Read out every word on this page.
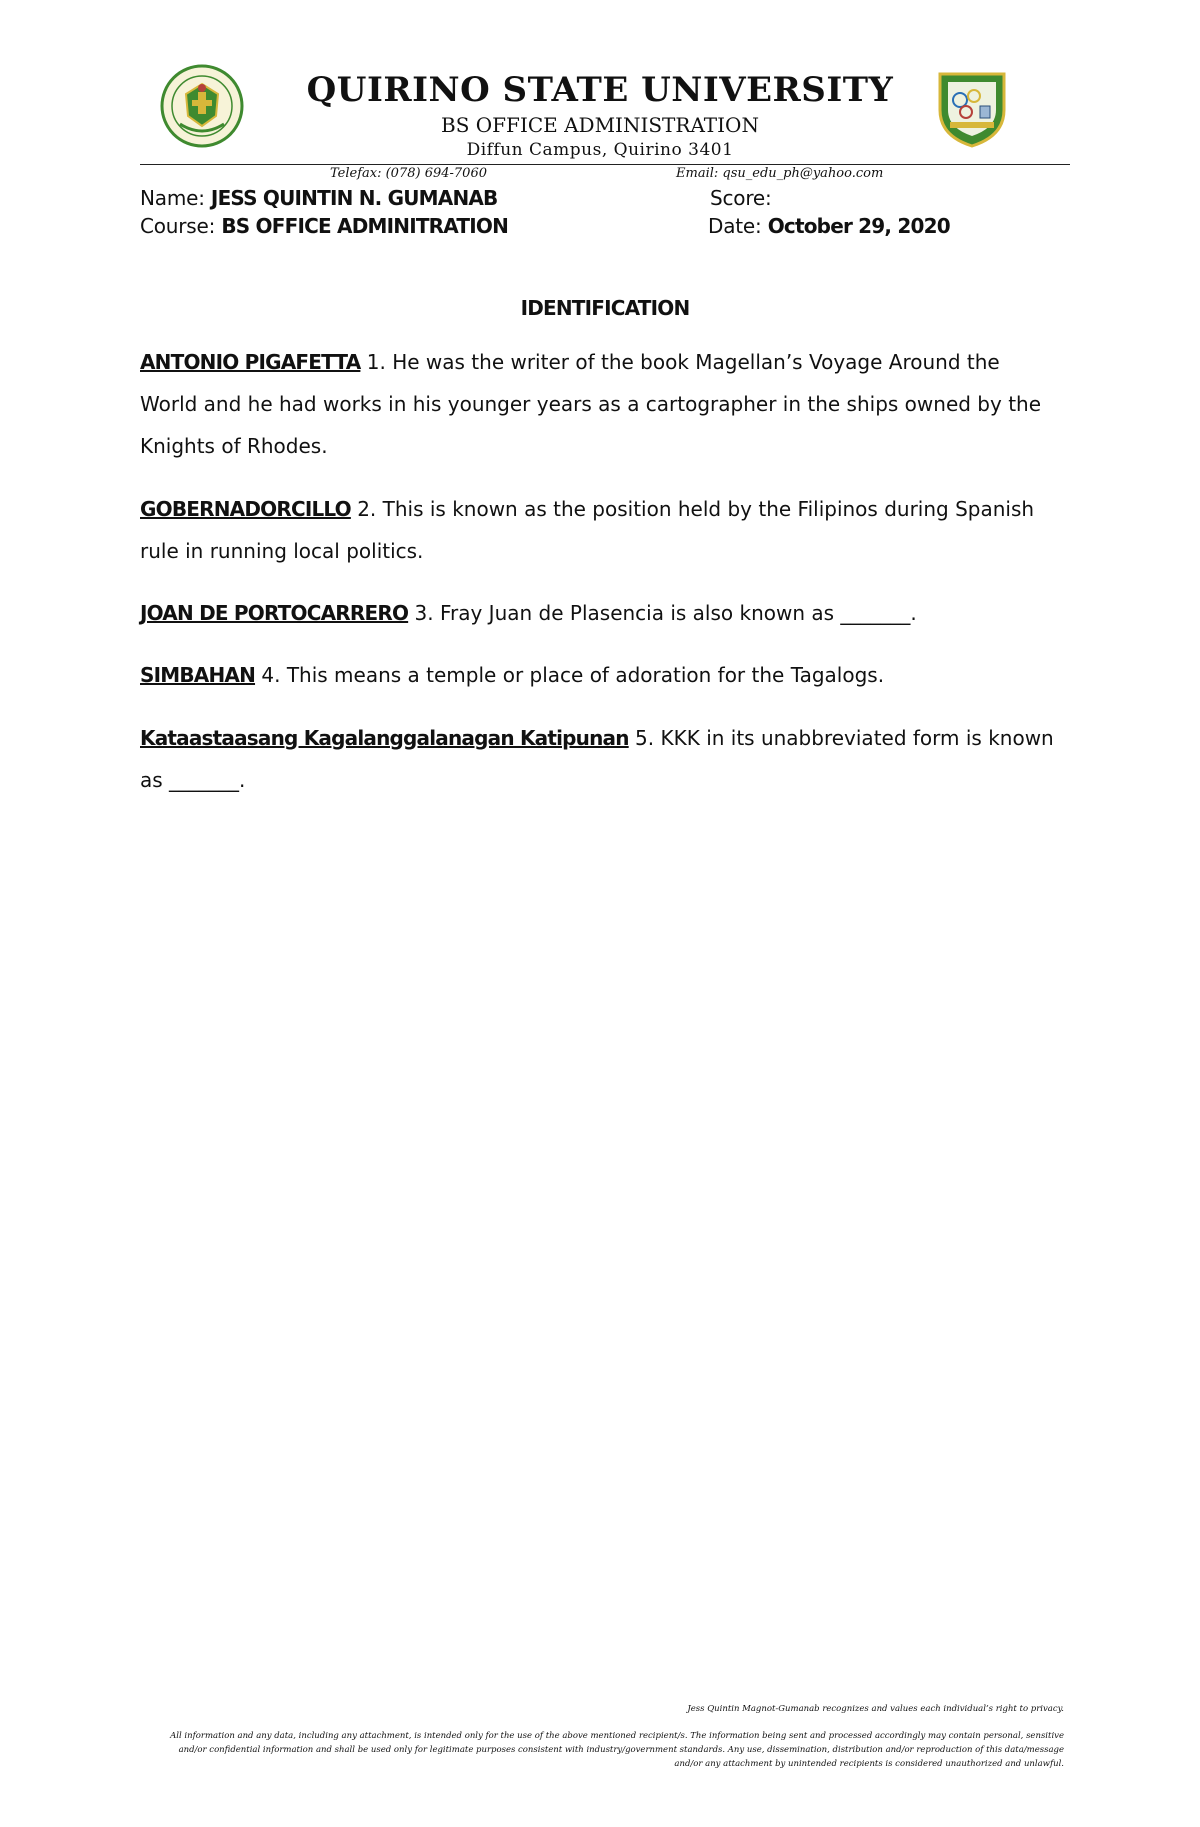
QUIRINO STATE UNIVERSITY
BS OFFICE ADMINISTRATION
Diffun Campus, Quirino 3401
Telefax: (078) 694-7060	Email: qsu_edu_ph@yahoo.com
Name: JESS QUINTIN N. GUMANAB
Course: BS OFFICE ADMINITRATION
Score:
Date: October 29, 2020
IDENTIFICATION
ANTONIO PIGAFETTA 1. He was the writer of the book Magellan’s Voyage Around the World and he had works in his younger years as a cartographer in the ships owned by the Knights of Rhodes.
GOBERNADORCILLO 2. This is known as the position held by the Filipinos during Spanish rule in running local politics.
JOAN DE PORTOCARRERO 3. Fray Juan de Plasencia is also known as _______.
SIMBAHAN 4. This means a temple or place of adoration for the Tagalogs.
Kataastaasang Kagalanggalanagan Katipunan 5. KKK in its unabbreviated form is known as _______.
Jess Quintin Magnot-Gumanab recognizes and values each individual’s right to privacy.
All information and any data, including any attachment, is intended only for the use of the above mentioned recipient/s. The information being sent and processed accordingly may contain personal, sensitive and/or confidential information and shall be used only for legitimate purposes consistent with industry/government standards. Any use, dissemination, distribution and/or reproduction of this data/message and/or any attachment by unintended recipients is considered unauthorized and unlawful.
